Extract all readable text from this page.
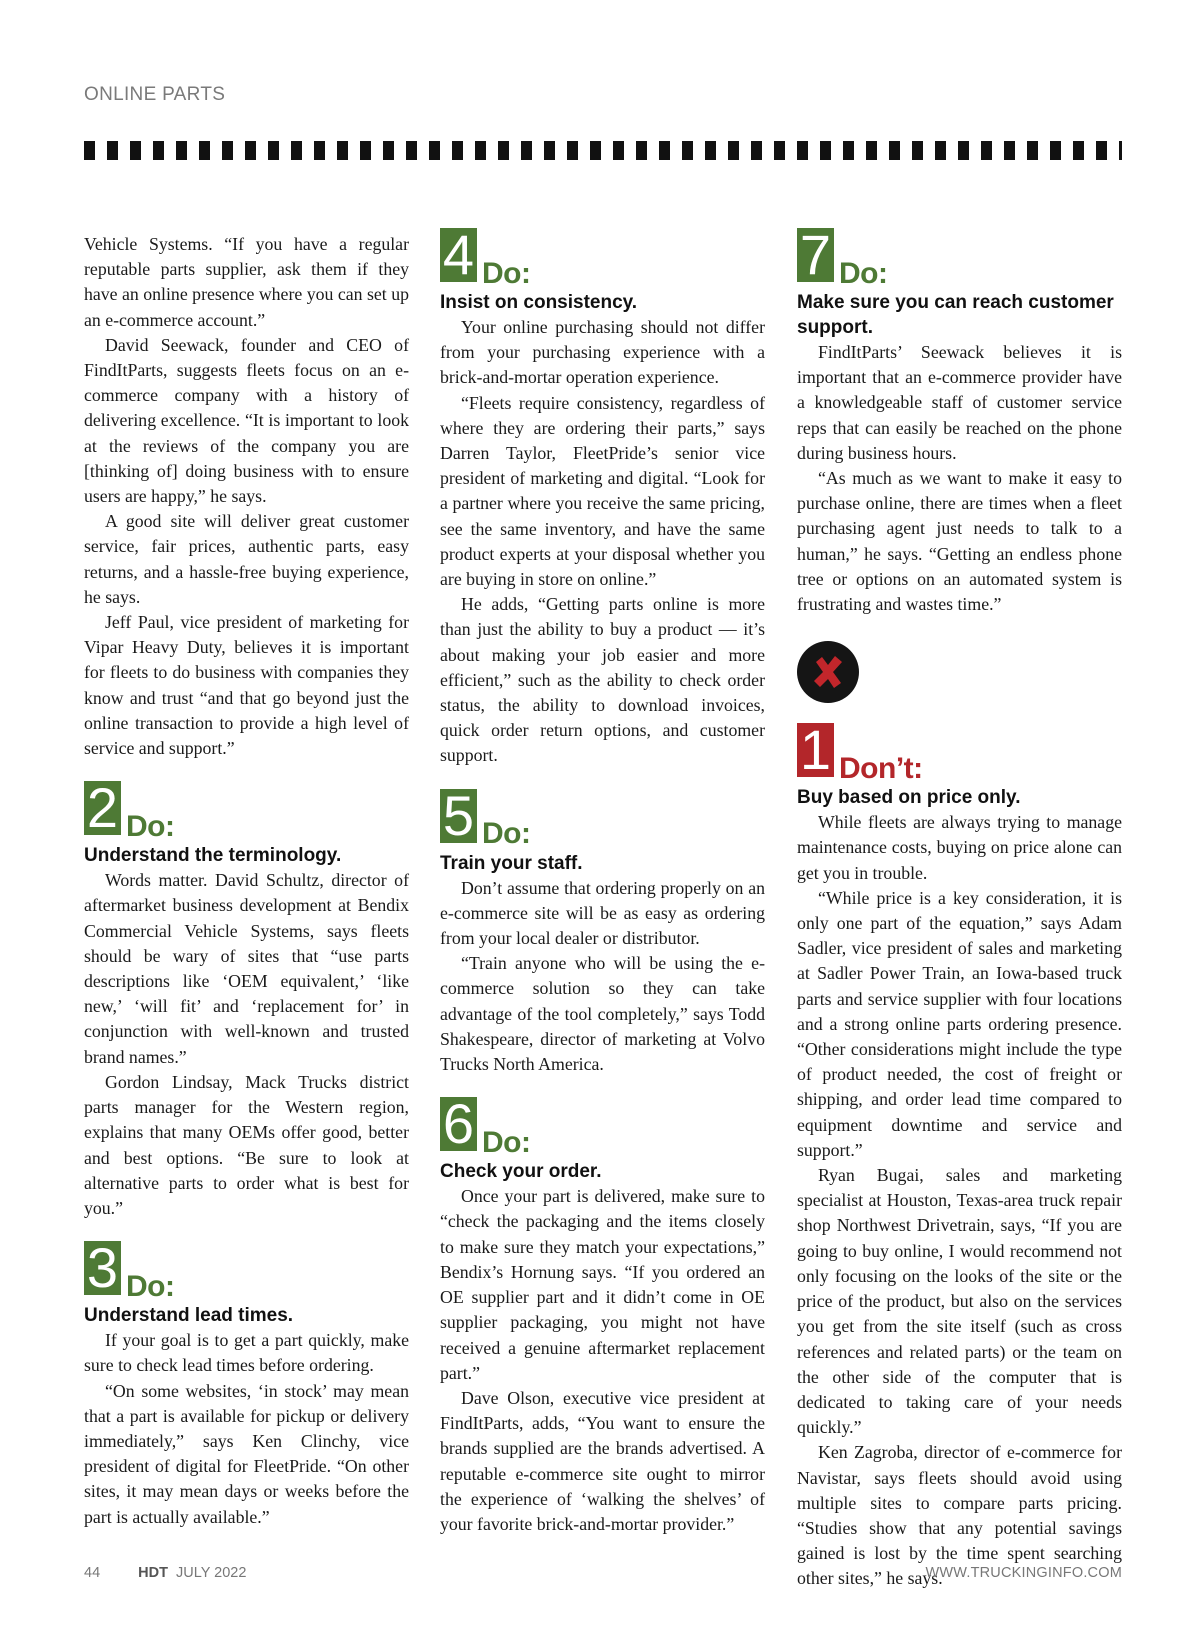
ONLINE PARTS

Vehicle Systems. “If you have a regular reputable parts supplier, ask them if they have an online presence where you can set up an e-commerce account.”

David Seewack, founder and CEO of FindItParts, suggests fleets focus on an e-commerce company with a history of delivering excellence. “It is important to look at the reviews of the company you are [thinking of] doing business with to ensure users are happy,” he says.

A good site will deliver great customer service, fair prices, authentic parts, easy returns, and a hassle-free buying experience, he says.

Jeff Paul, vice president of marketing for Vipar Heavy Duty, believes it is important for fleets to do business with companies they know and trust “and that go beyond just the online transaction to provide a high level of service and support.”

2 Do:
Understand the terminology.

Words matter. David Schultz, director of aftermarket business development at Bendix Commercial Vehicle Systems, says fleets should be wary of sites that “use parts descriptions like ‘OEM equivalent,’ ‘like new,’ ‘will fit’ and ‘replacement for’ in conjunction with well-known and trusted brand names.”

Gordon Lindsay, Mack Trucks district parts manager for the Western region, explains that many OEMs offer good, better and best options. “Be sure to look at alternative parts to order what is best for you.”

3 Do:
Understand lead times.

If your goal is to get a part quickly, make sure to check lead times before ordering.

“On some websites, ‘in stock’ may mean that a part is available for pickup or delivery immediately,” says Ken Clinchy, vice president of digital for FleetPride. “On other sites, it may mean days or weeks before the part is actually available.”

4 Do:
Insist on consistency.

Your online purchasing should not differ from your purchasing experience with a brick-and-mortar operation experience.

“Fleets require consistency, regardless of where they are ordering their parts,” says Darren Taylor, FleetPride’s senior vice president of marketing and digital. “Look for a partner where you receive the same pricing, see the same inventory, and have the same product experts at your disposal whether you are buying in store on online.”

He adds, “Getting parts online is more than just the ability to buy a product — it’s about making your job easier and more efficient,” such as the ability to check order status, the ability to download invoices, quick order return options, and customer support.

5 Do:
Train your staff.

Don’t assume that ordering properly on an e-commerce site will be as easy as ordering from your local dealer or distributor.

“Train anyone who will be using the e-commerce solution so they can take advantage of the tool completely,” says Todd Shakespeare, director of marketing at Volvo Trucks North America.

6 Do:
Check your order.

Once your part is delivered, make sure to “check the packaging and the items closely to make sure they match your expectations,” Bendix’s Hornung says. “If you ordered an OE supplier part and it didn’t come in OE supplier packaging, you might not have received a genuine aftermarket replacement part.”

Dave Olson, executive vice president at FindItParts, adds, “You want to ensure the brands supplied are the brands advertised. A reputable e-commerce site ought to mirror the experience of ‘walking the shelves’ of your favorite brick-and-mortar provider.”

7 Do:
Make sure you can reach customer support.

FindItParts’ Seewack believes it is important that an e-commerce provider have a knowledgeable staff of customer service reps that can easily be reached on the phone during business hours.

“As much as we want to make it easy to purchase online, there are times when a fleet purchasing agent just needs to talk to a human,” he says. “Getting an endless phone tree or options on an automated system is frustrating and wastes time.”

1 Don’t:
Buy based on price only.

While fleets are always trying to manage maintenance costs, buying on price alone can get you in trouble.

“While price is a key consideration, it is only one part of the equation,” says Adam Sadler, vice president of sales and marketing at Sadler Power Train, an Iowa-based truck parts and service supplier with four locations and a strong online parts ordering presence. “Other considerations might include the type of product needed, the cost of freight or shipping, and order lead time compared to equipment downtime and service and support.”

Ryan Bugai, sales and marketing specialist at Houston, Texas-area truck repair shop Northwest Drivetrain, says, “If you are going to buy online, I would recommend not only focusing on the looks of the site or the price of the product, but also on the services you get from the site itself (such as cross references and related parts) or the team on the other side of the computer that is dedicated to taking care of your needs quickly.”

Ken Zagroba, director of e-commerce for Navistar, says fleets should avoid using multiple sites to compare parts pricing. “Studies show that any potential savings gained is lost by the time spent searching other sites,” he says.

44	HDT JULY 2022	WWW.TRUCKINGINFO.COM
